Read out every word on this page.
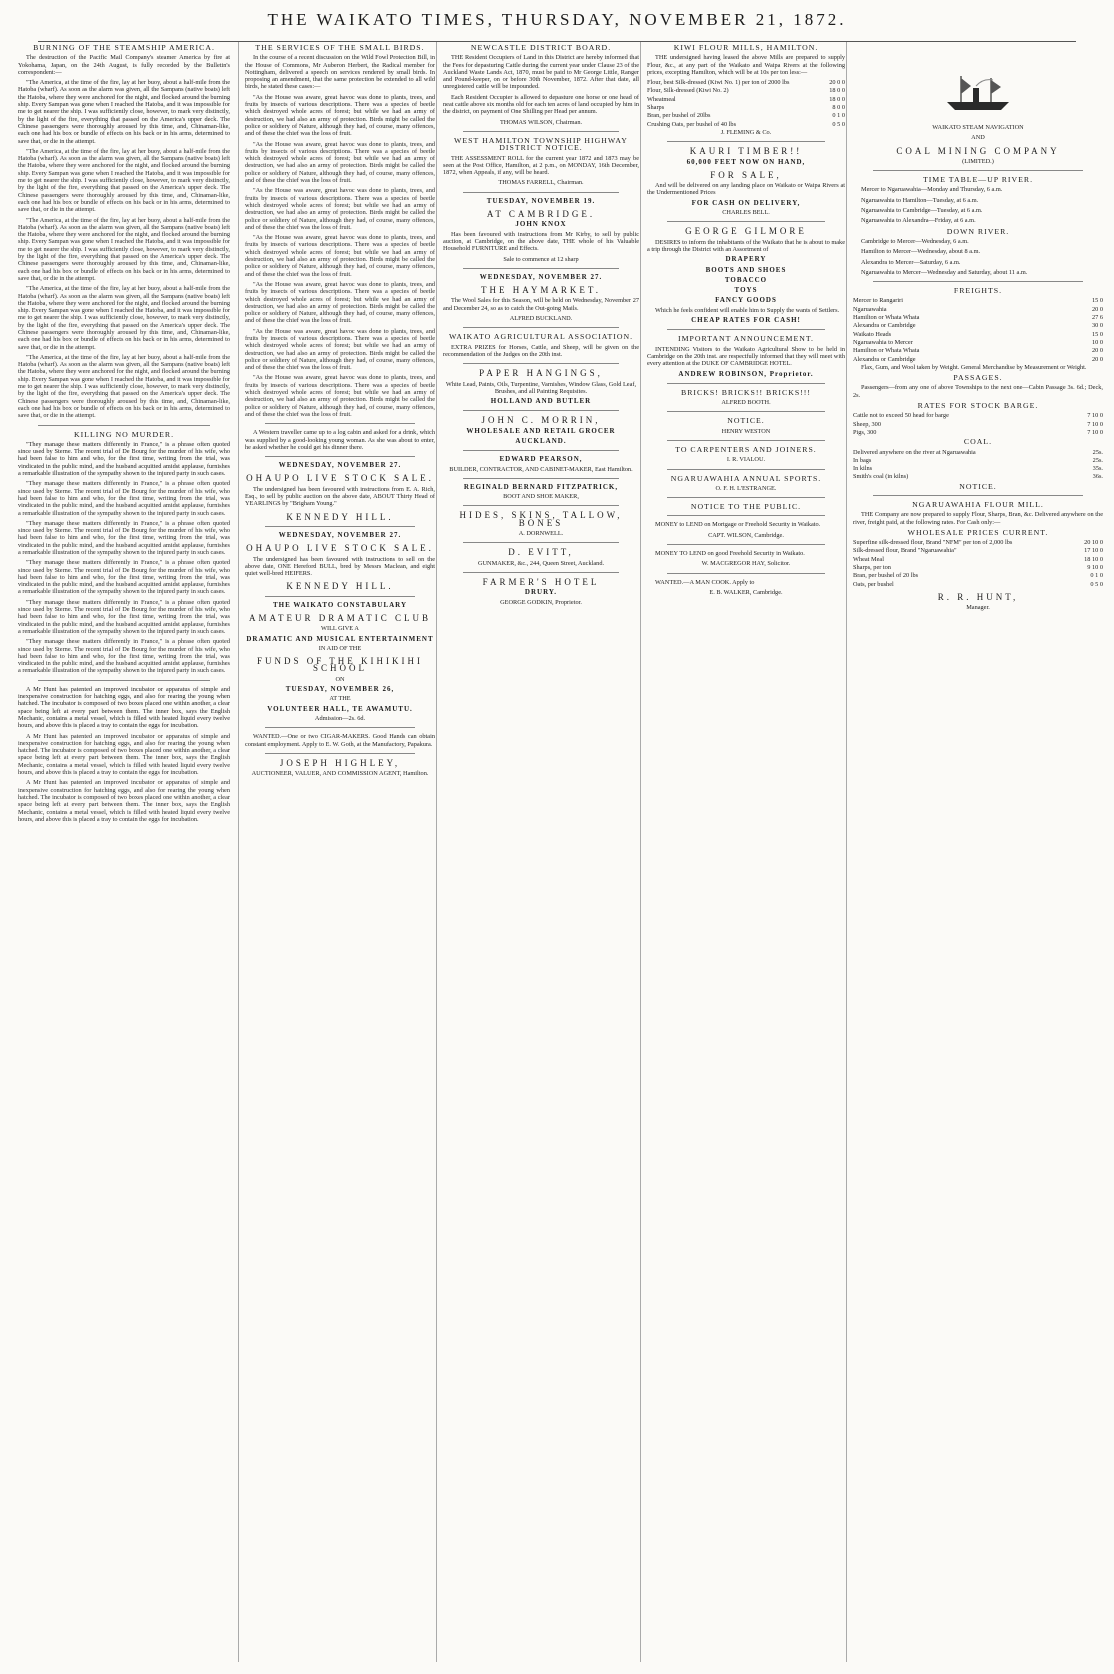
THE WAIKATO TIMES, THURSDAY, NOVEMBER 21, 1872.
BURNING OF THE STEAMSHIP AMERICA.

The destruction of the Pacific Mail Company's steamer America by fire at Yokohama, Japan, on the 24th August, is fully recorded by the Bulletin's correspondent:—

"The America, at the time of the fire, lay at her buoy, about a half-mile from the Hatoba (wharf). As soon as the alarm was given, all the Sampans (native boats) left the Hatoba, where they were anchored for the night, and flocked around the burning ship. Every Sampan was gone when I reached the Hatoba, and it was impossible for me to get nearer the ship. I was sufficiently close, however, to mark very distinctly, by the light of the fire, everything that passed on the America's upper deck. The Chinese passengers were thoroughly aroused by this time, and, Chinaman-like, each one had his box or bundle of effects on his back or in his arms, determined to save that, or die in the attempt.

"The America, at the time of the fire, lay at her buoy, about a half-mile from the Hatoba (wharf). As soon as the alarm was given, all the Sampans (native boats) left the Hatoba, where they were anchored for the night, and flocked around the burning ship. Every Sampan was gone when I reached the Hatoba, and it was impossible for me to get nearer the ship. I was sufficiently close, however, to mark very distinctly, by the light of the fire, everything that passed on the America's upper deck. The Chinese passengers were thoroughly aroused by this time, and, Chinaman-like, each one had his box or bundle of effects on his back or in his arms, determined to save that, or die in the attempt.

"The America, at the time of the fire, lay at her buoy, about a half-mile from the Hatoba (wharf). As soon as the alarm was given, all the Sampans (native boats) left the Hatoba, where they were anchored for the night, and flocked around the burning ship. Every Sampan was gone when I reached the Hatoba, and it was impossible for me to get nearer the ship. I was sufficiently close, however, to mark very distinctly, by the light of the fire, everything that passed on the America's upper deck. The Chinese passengers were thoroughly aroused by this time, and, Chinaman-like, each one had his box or bundle of effects on his back or in his arms, determined to save that, or die in the attempt.

"The America, at the time of the fire, lay at her buoy, about a half-mile from the Hatoba (wharf). As soon as the alarm was given, all the Sampans (native boats) left the Hatoba, where they were anchored for the night, and flocked around the burning ship. Every Sampan was gone when I reached the Hatoba, and it was impossible for me to get nearer the ship. I was sufficiently close, however, to mark very distinctly, by the light of the fire, everything that passed on the America's upper deck. The Chinese passengers were thoroughly aroused by this time, and, Chinaman-like, each one had his box or bundle of effects on his back or in his arms, determined to save that, or die in the attempt.

"The America, at the time of the fire, lay at her buoy, about a half-mile from the Hatoba (wharf). As soon as the alarm was given, all the Sampans (native boats) left the Hatoba, where they were anchored for the night, and flocked around the burning ship. Every Sampan was gone when I reached the Hatoba, and it was impossible for me to get nearer the ship. I was sufficiently close, however, to mark very distinctly, by the light of the fire, everything that passed on the America's upper deck. The Chinese passengers were thoroughly aroused by this time, and, Chinaman-like, each one had his box or bundle of effects on his back or in his arms, determined to save that, or die in the attempt.

KILLING NO MURDER.

"They manage these matters differently in France," is a phrase often quoted since used by Sterne. The recent trial of De Bourg for the murder of his wife, who had been false to him and who, for the first time, writing from the trial, was vindicated in the public mind, and the husband acquitted amidst applause, furnishes a remarkable illustration of the sympathy shown to the injured party in such cases.

"They manage these matters differently in France," is a phrase often quoted since used by Sterne. The recent trial of De Bourg for the murder of his wife, who had been false to him and who, for the first time, writing from the trial, was vindicated in the public mind, and the husband acquitted amidst applause, furnishes a remarkable illustration of the sympathy shown to the injured party in such cases.

"They manage these matters differently in France," is a phrase often quoted since used by Sterne. The recent trial of De Bourg for the murder of his wife, who had been false to him and who, for the first time, writing from the trial, was vindicated in the public mind, and the husband acquitted amidst applause, furnishes a remarkable illustration of the sympathy shown to the injured party in such cases.

"They manage these matters differently in France," is a phrase often quoted since used by Sterne. The recent trial of De Bourg for the murder of his wife, who had been false to him and who, for the first time, writing from the trial, was vindicated in the public mind, and the husband acquitted amidst applause, furnishes a remarkable illustration of the sympathy shown to the injured party in such cases.

"They manage these matters differently in France," is a phrase often quoted since used by Sterne. The recent trial of De Bourg for the murder of his wife, who had been false to him and who, for the first time, writing from the trial, was vindicated in the public mind, and the husband acquitted amidst applause, furnishes a remarkable illustration of the sympathy shown to the injured party in such cases.

"They manage these matters differently in France," is a phrase often quoted since used by Sterne. The recent trial of De Bourg for the murder of his wife, who had been false to him and who, for the first time, writing from the trial, was vindicated in the public mind, and the husband acquitted amidst applause, furnishes a remarkable illustration of the sympathy shown to the injured party in such cases.

A Mr Hunt has patented an improved incubator or apparatus of simple and inexpensive construction for hatching eggs, and also for rearing the young when hatched. The incubator is composed of two boxes placed one within another, a clear space being left at every part between them. The inner box, says the English Mechanic, contains a metal vessel, which is filled with heated liquid every twelve hours, and above this is placed a tray to contain the eggs for incubation.

A Mr Hunt has patented an improved incubator or apparatus of simple and inexpensive construction for hatching eggs, and also for rearing the young when hatched. The incubator is composed of two boxes placed one within another, a clear space being left at every part between them. The inner box, says the English Mechanic, contains a metal vessel, which is filled with heated liquid every twelve hours, and above this is placed a tray to contain the eggs for incubation.

A Mr Hunt has patented an improved incubator or apparatus of simple and inexpensive construction for hatching eggs, and also for rearing the young when hatched. The incubator is composed of two boxes placed one within another, a clear space being left at every part between them. The inner box, says the English Mechanic, contains a metal vessel, which is filled with heated liquid every twelve hours, and above this is placed a tray to contain the eggs for incubation.

THE SERVICES OF THE SMALL BIRDS.

In the course of a recent discussion on the Wild Fowl Protection Bill, in the House of Commons, Mr Auberon Herbert, the Radical member for Nottingham, delivered a speech on services rendered by small birds. In proposing an amendment, that the same protection be extended to all wild birds, he stated these cases:—

"As the House was aware, great havoc was done to plants, trees, and fruits by insects of various descriptions. There was a species of beetle which destroyed whole acres of forest; but while we had an army of destruction, we had also an army of protection. Birds might be called the police or soldiery of Nature, although they had, of course, many offences, and of these the chief was the loss of fruit.

"As the House was aware, great havoc was done to plants, trees, and fruits by insects of various descriptions. There was a species of beetle which destroyed whole acres of forest; but while we had an army of destruction, we had also an army of protection. Birds might be called the police or soldiery of Nature, although they had, of course, many offences, and of these the chief was the loss of fruit.

"As the House was aware, great havoc was done to plants, trees, and fruits by insects of various descriptions. There was a species of beetle which destroyed whole acres of forest; but while we had an army of destruction, we had also an army of protection. Birds might be called the police or soldiery of Nature, although they had, of course, many offences, and of these the chief was the loss of fruit.

"As the House was aware, great havoc was done to plants, trees, and fruits by insects of various descriptions. There was a species of beetle which destroyed whole acres of forest; but while we had an army of destruction, we had also an army of protection. Birds might be called the police or soldiery of Nature, although they had, of course, many offences, and of these the chief was the loss of fruit.

"As the House was aware, great havoc was done to plants, trees, and fruits by insects of various descriptions. There was a species of beetle which destroyed whole acres of forest; but while we had an army of destruction, we had also an army of protection. Birds might be called the police or soldiery of Nature, although they had, of course, many offences, and of these the chief was the loss of fruit.

"As the House was aware, great havoc was done to plants, trees, and fruits by insects of various descriptions. There was a species of beetle which destroyed whole acres of forest; but while we had an army of destruction, we had also an army of protection. Birds might be called the police or soldiery of Nature, although they had, of course, many offences, and of these the chief was the loss of fruit.

"As the House was aware, great havoc was done to plants, trees, and fruits by insects of various descriptions. There was a species of beetle which destroyed whole acres of forest; but while we had an army of destruction, we had also an army of protection. Birds might be called the police or soldiery of Nature, although they had, of course, many offences, and of these the chief was the loss of fruit.

A Western traveller came up to a log cabin and asked for a drink, which was supplied by a good-looking young woman. As she was about to enter, he asked whether he could get his dinner there.

WEDNESDAY, NOVEMBER 27.
OHAUPO LIVE STOCK SALE.

The undersigned has been favoured with instructions from E. A. Rich, Esq., to sell by public auction on the above date, ABOUT Thirty Head of YEARLINGS by "Brigham Young."

KENNEDY HILL.
WEDNESDAY, NOVEMBER 27.
OHAUPO LIVE STOCK SALE.

The undersigned has been favoured with instructions to sell on the above date, ONE Hereford BULL, bred by Messrs Maclean, and eight quiet well-bred HEIFERS.

KENNEDY HILL.
THE WAIKATO CONSTABULARY
AMATEUR DRAMATIC CLUB

WILL GIVE A

DRAMATIC AND MUSICAL ENTERTAINMENT

IN AID OF THE

FUNDS OF THE KIHIKIHI SCHOOL

ON

TUESDAY, NOVEMBER 26,

AT THE

VOLUNTEER HALL, TE AWAMUTU.

Admission—2s. 6d.

WANTED.—One or two CIGAR-MAKERS. Good Hands can obtain constant employment. Apply to E. W. Goth, at the Manufactory, Papakura.

JOSEPH HIGHLEY,

AUCTIONEER, VALUER, AND COMMISSION AGENT, Hamilton.

NEWCASTLE DISTRICT BOARD.

THE Resident Occupiers of Land in this District are hereby informed that the Fees for depasturing Cattle during the current year under Clause 23 of the Auckland Waste Lands Act, 1870, must be paid to Mr George Little, Ranger and Pound-keeper, on or before 30th November, 1872. After that date, all unregistered cattle will be impounded.

Each Resident Occupier is allowed to depasture one horse or one head of neat cattle above six months old for each ten acres of land occupied by him in the district, on payment of One Shilling per Head per annum.

THOMAS WILSON, Chairman.

WEST HAMILTON TOWNSHIP HIGHWAY DISTRICT NOTICE.

THE ASSESSMENT ROLL for the current year 1872 and 1873 may be seen at the Post Office, Hamilton, at 2 p.m., on MONDAY, 16th December, 1872, when Appeals, if any, will be heard.

THOMAS FARRELL, Chairman.

TUESDAY, NOVEMBER 19.
AT CAMBRIDGE.
JOHN KNOX

Has been favoured with instructions from Mr Kirby, to sell by public auction, at Cambridge, on the above date, THE whole of his Valuable Household FURNITURE and Effects.

Sale to commence at 12 sharp

WEDNESDAY, NOVEMBER 27.
THE HAYMARKET.

The Wool Sales for this Season, will be held on Wednesday, November 27 and December 24, so as to catch the Out-going Mails.

ALFRED BUCKLAND.

WAIKATO AGRICULTURAL ASSOCIATION.

EXTRA PRIZES for Horses, Cattle, and Sheep, will be given on the recommendation of the Judges on the 20th inst.

PAPER HANGINGS,

White Lead, Paints, Oils, Turpentine, Varnishes, Window Glass, Gold Leaf, Brushes, and all Painting Requisites.

HOLLAND AND BUTLER
JOHN C. MORRIN,
WHOLESALE AND RETAIL GROCER
AUCKLAND.
EDWARD PEARSON,

BUILDER, CONTRACTOR, AND CABINET-MAKER, East Hamilton.

REGINALD BERNARD FITZPATRICK,

BOOT AND SHOE MAKER,

HIDES, SKINS, TALLOW, BONES

A. DORNWELL.

D. EVITT,

GUNMAKER, &c., 244, Queen Street, Auckland.

FARMER'S HOTEL
DRURY.

GEORGE GODKIN, Proprietor.

KIWI FLOUR MILLS, HAMILTON.

THE undersigned having leased the above Mills are prepared to supply Flour, &c., at any part of the Waikato and Waipa Rivers at the following prices, excepting Hamilton, which will be at 10s per ton less:—

Flour, best Silk-dressed (Kiwi No. 1) per ton of 2000 lbs	20 0 0
Flour, Silk-dressed (Kiwi No. 2)	18 0 0
Wheatmeal	18 0 0
Sharps	8 0 0
Bran, per bushel of 20lbs	0 1 0
Crushing Oats, per bushel of 40 lbs	0 5 0

J. FLEMING & Co.

KAURI TIMBER!!
60,000 FEET NOW ON HAND,
FOR SALE,

And will be delivered on any landing place on Waikato or Waipa Rivers at the Undermentioned Prices

FOR CASH ON DELIVERY,

CHARLES BELL.

GEORGE GILMORE

DESIRES to inform the inhabitants of the Waikato that he is about to make a trip through the District with an Assortment of

DRAPERY
BOOTS AND SHOES
TOBACCO
TOYS
FANCY GOODS

Which he feels confident will enable him to Supply the wants of Settlers.

CHEAP RATES FOR CASH!
IMPORTANT ANNOUNCEMENT.

INTENDING Visitors to the Waikato Agricultural Show to be held in Cambridge on the 20th inst. are respectfully informed that they will meet with every attention at the DUKE OF CAMBRIDGE HOTEL.

ANDREW ROBINSON, Proprietor.
BRICKS! BRICKS!! BRICKS!!!

ALFRED BOOTH.

NOTICE.

HENRY WESTON

TO CARPENTERS AND JOINERS.

I. R. VIALOU.

NGARUAWAHIA ANNUAL SPORTS.

O. F. H. L'ESTRANGE.

NOTICE TO THE PUBLIC.

MONEY to LEND on Mortgage or Freehold Security in Waikato.

CAPT. WILSON, Cambridge.

MONEY TO LEND on good Freehold Security in Waikato.

W. MACGREGOR HAY, Solicitor.

WANTED.—A MAN COOK. Apply to

E. B. WALKER, Cambridge.

WAIKATO STEAM NAVIGATION

AND

COAL MINING COMPANY

(LIMITED.)

TIME TABLE—UP RIVER.

Mercer to Ngaruawahia—Monday and Thursday, 6 a.m.

Ngaruawahia to Hamilton—Tuesday, at 6 a.m.

Ngaruawahia to Cambridge—Tuesday, at 6 a.m.

Ngaruawahia to Alexandra—Friday, at 6 a.m.

DOWN RIVER.

Cambridge to Mercer—Wednesday, 6 a.m.

Hamilton to Mercer—Wednesday, about 8 a.m.

Alexandra to Mercer—Saturday, 6 a.m.

Ngaruawahia to Mercer—Wednesday and Saturday, about 11 a.m.

FREIGHTS.
Mercer to Rangariri	15 0
Ngaruawahia	20 0
Hamilton or Whata Whata	27 6
Alexandra or Cambridge	30 0
Waikato Heads	15 0
Ngaruawahia to Mercer	10 0
Hamilton or Whata Whata	20 0
Alexandra or Cambridge	20 0

Flax, Gum, and Wool taken by Weight. General Merchandise by Measurement or Weight.

PASSAGES.

Passengers—from any one of above Townships to the next one—Cabin Passage 3s. 6d.; Deck, 2s.

RATES FOR STOCK BARGE.
Cattle not to exceed 50 head for barge	7 10 0
Sheep, 300	7 10 0
Pigs, 300	7 10 0
COAL.
Delivered anywhere on the river at Ngaruawahia	25s.
In bags	25s.
In kilns	35s.
Smith's coal (in kilns)	36s.
NOTICE.
NGARUAWAHIA FLOUR MILL.

THE Company are now prepared to supply Flour, Sharps, Bran, &c. Delivered anywhere on the river, freight paid, at the following rates. For Cash only:—

WHOLESALE PRICES CURRENT.
Superfine silk-dressed flour, Brand "NFM" per ton of 2,000 lbs	20 10 0
Silk-dressed flour, Brand "Ngaruawahia"	17 10 0
Wheat Meal	18 10 0
Sharps, per ton	9 10 0
Bran, per bushel of 20 lbs	0 1 0
Oats, per bushel	0 5 0
R. R. HUNT,

Manager.
